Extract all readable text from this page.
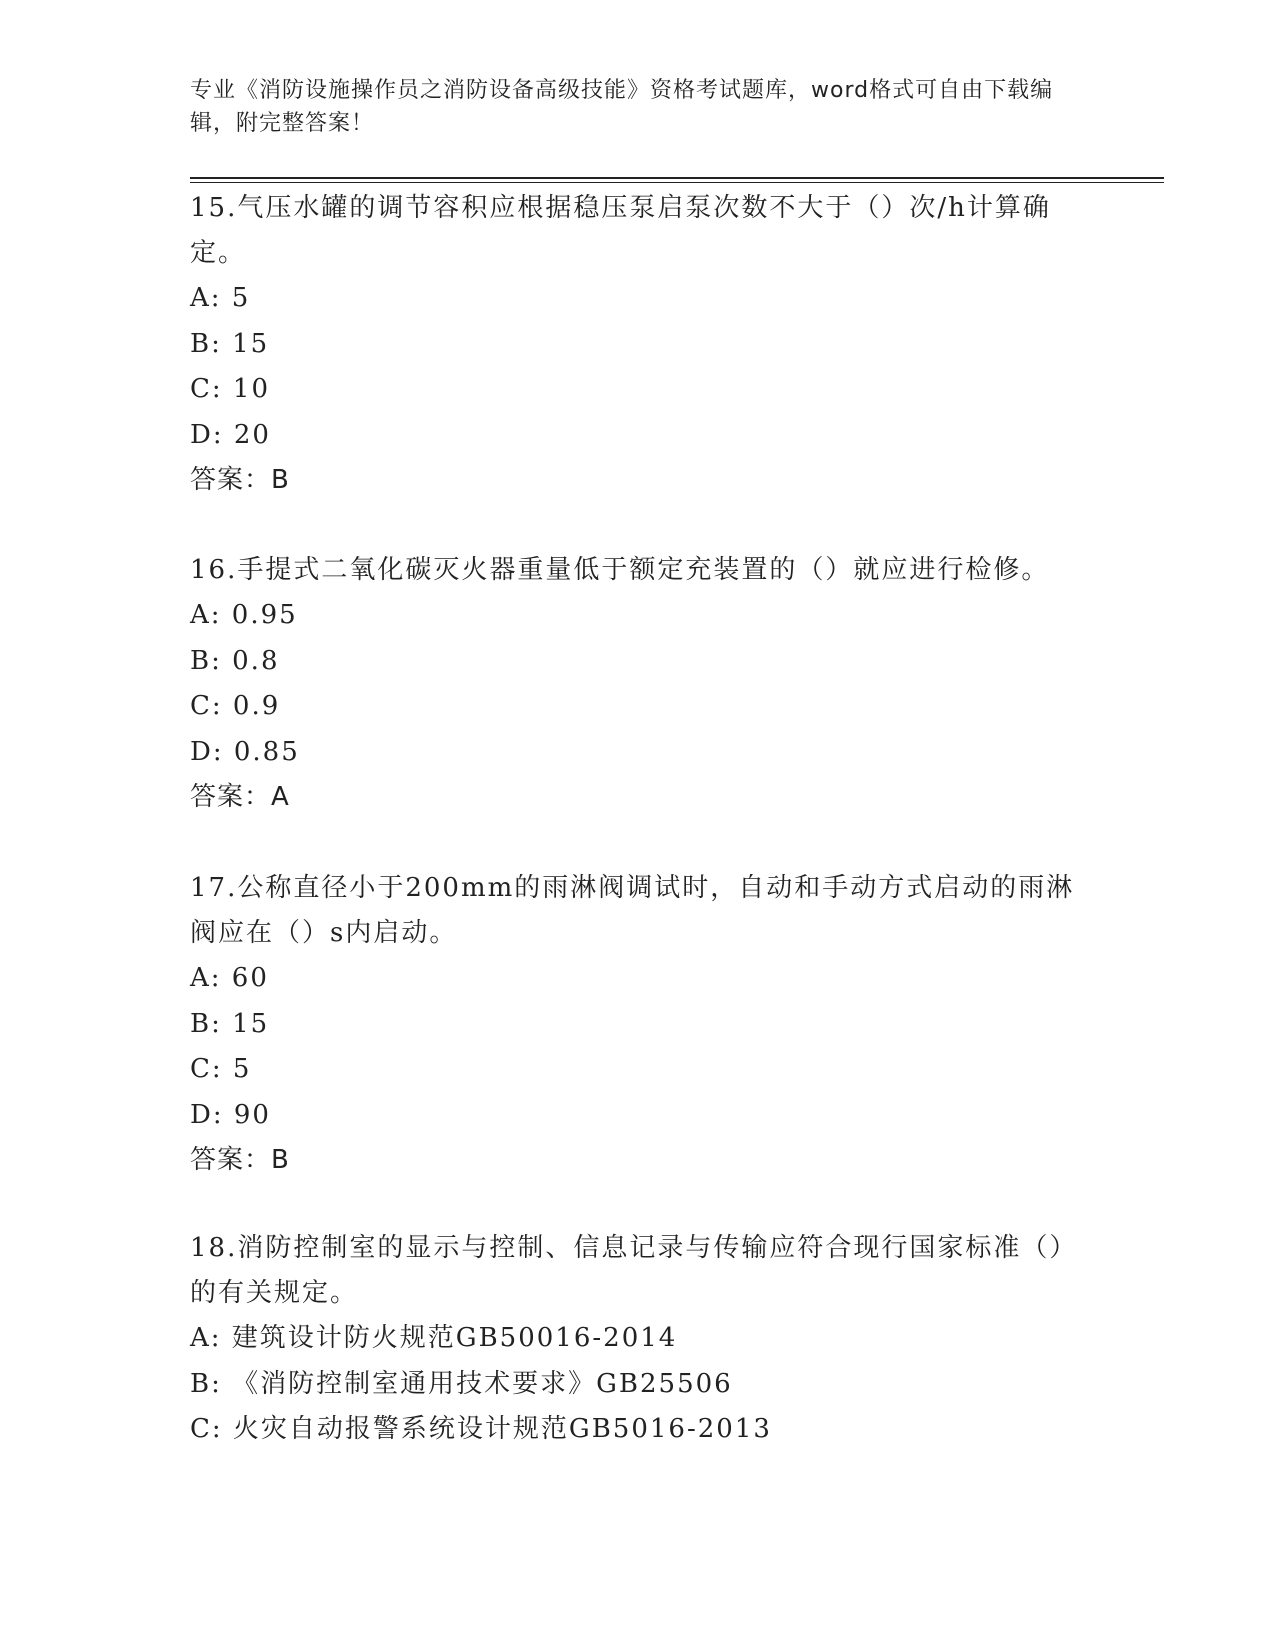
专业《消防设施操作员之消防设备高级技能》资格考试题库，word格式可自由下载编辑，附完整答案！

15.气压水罐的调节容积应根据稳压泵启泵次数不大于（）次/h计算确定。

A: 5

B: 15

C: 10

D: 20

答案：B

16.手提式二氧化碳灭火器重量低于额定充装置的（）就应进行检修。

A: 0.95

B: 0.8

C: 0.9

D: 0.85

答案：A

17.公称直径小于200mm的雨淋阀调试时，自动和手动方式启动的雨淋阀应在（）s内启动。

A: 60

B: 15

C: 5

D: 90

答案：B

18.消防控制室的显示与控制、信息记录与传输应符合现行国家标准（）的有关规定。

A: 建筑设计防火规范GB50016-2014

B: 《消防控制室通用技术要求》GB25506

C: 火灾自动报警系统设计规范GB5016-2013
